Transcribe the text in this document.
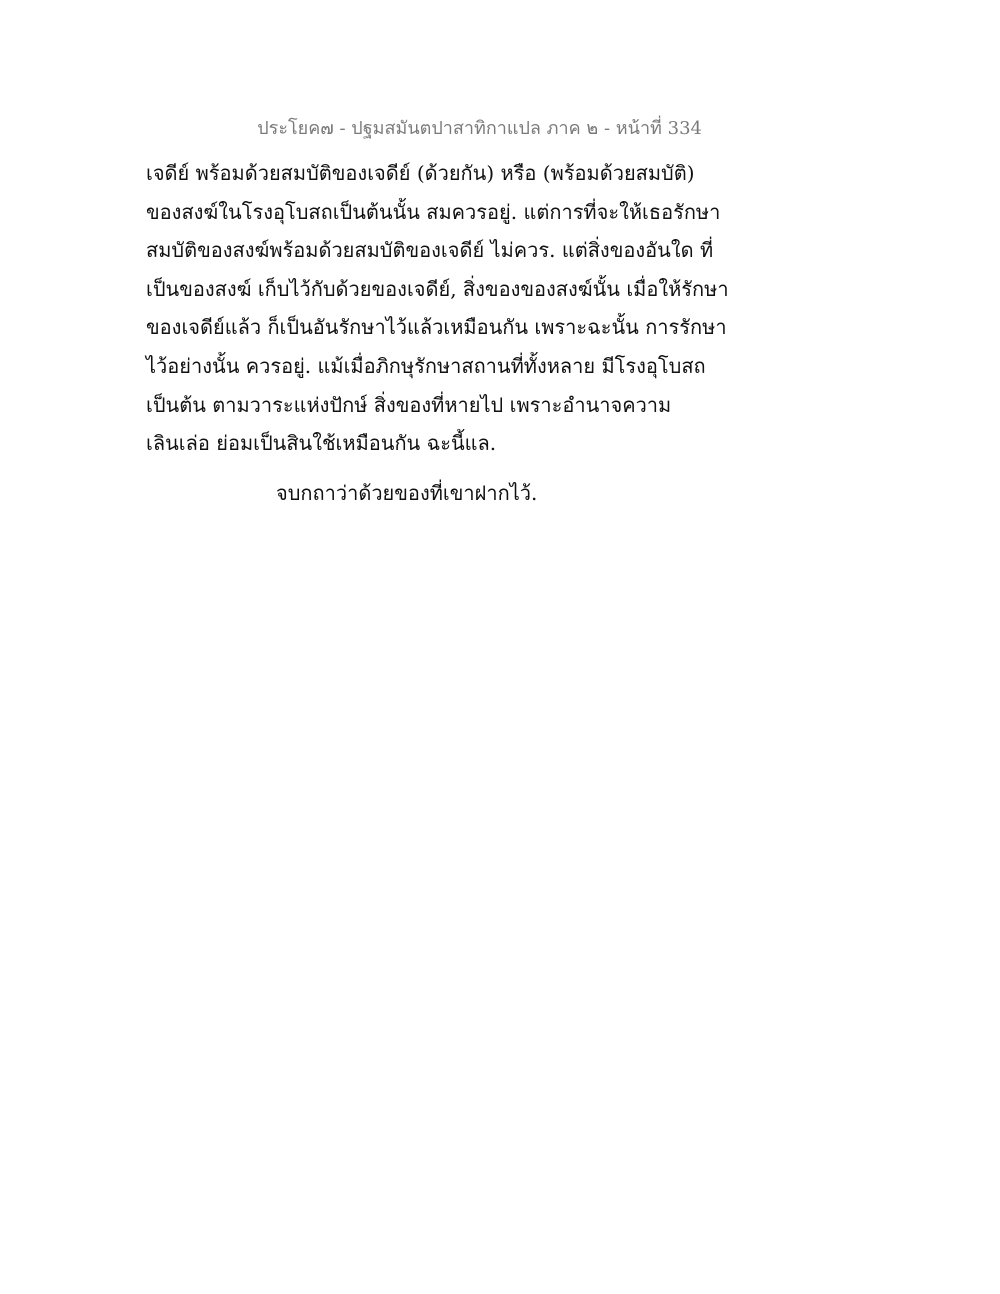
ประโยค๗ - ปฐมสมันตปาสาทิกาแปล ภาค ๒ - หน้าที่ 334
เจดีย์ พร้อมด้วยสมบัติของเจดีย์ (ด้วยกัน) หรือ (พร้อมด้วยสมบัติ)
ของสงฆ์ในโรงอุโบสถเป็นต้นนั้น สมควรอยู่. แต่การที่จะให้เธอรักษา
สมบัติของสงฆ์พร้อมด้วยสมบัติของเจดีย์ ไม่ควร. แต่สิ่งของอันใด ที่
เป็นของสงฆ์ เก็บไว้กับด้วยของเจดีย์, สิ่งของของสงฆ์นั้น เมื่อให้รักษา
ของเจดีย์แล้ว ก็เป็นอันรักษาไว้แล้วเหมือนกัน เพราะฉะนั้น การรักษา
ไว้อย่างนั้น ควรอยู่. แม้เมื่อภิกษุรักษาสถานที่ทั้งหลาย มีโรงอุโบสถ
เป็นต้น ตามวาระแห่งปักษ์ สิ่งของที่หายไป เพราะอำนาจความ
เลินเล่อ ย่อมเป็นสินใช้เหมือนกัน ฉะนี้แล.
จบกถาว่าด้วยของที่เขาฝากไว้.
